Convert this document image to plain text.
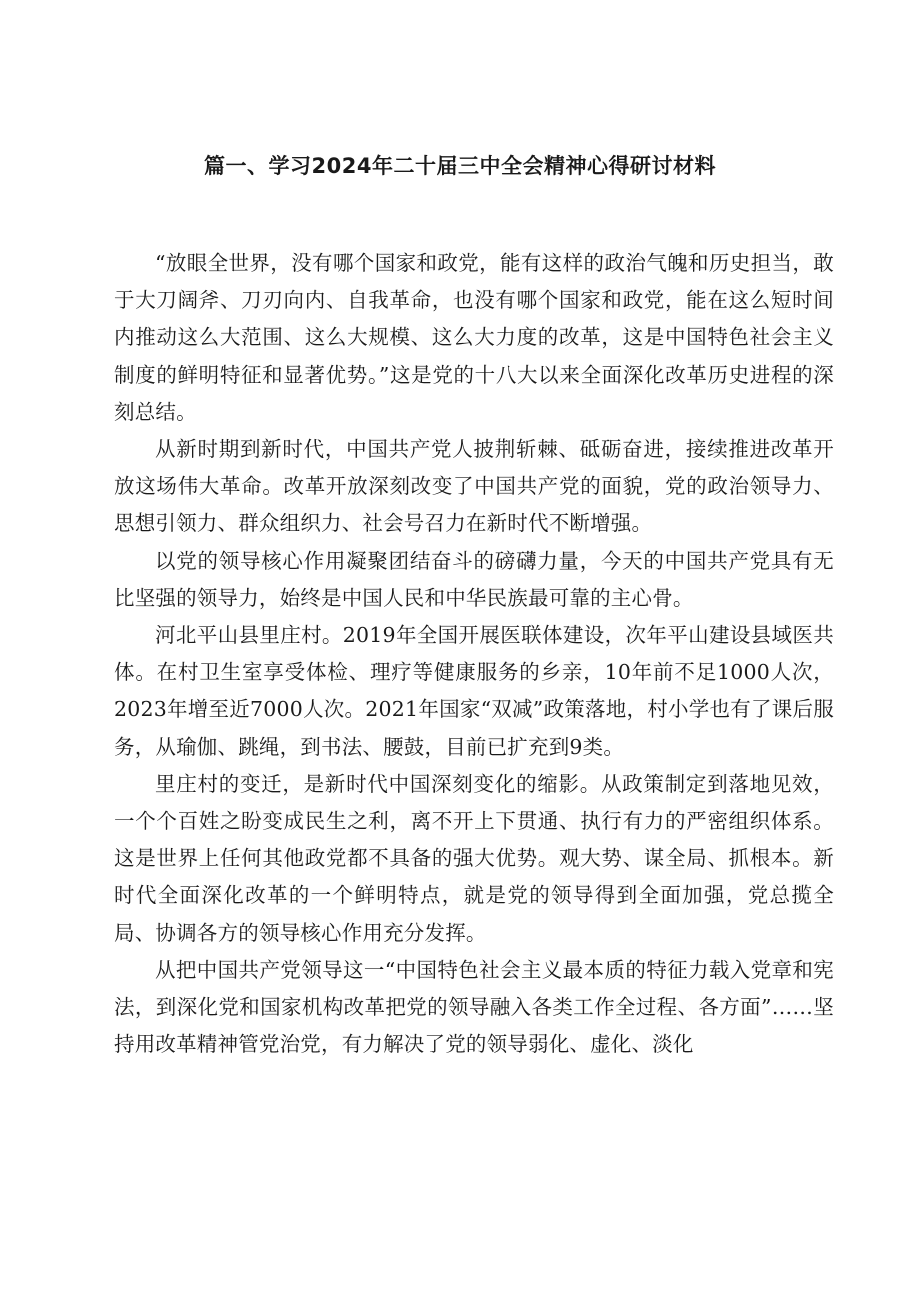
篇一、学习2024年二十届三中全会精神心得研讨材料

“放眼全世界，没有哪个国家和政党，能有这样的政治气魄和历史担当，敢于大刀阔斧、刀刃向内、自我革命，也没有哪个国家和政党，能在这么短时间内推动这么大范围、这么大规模、这么大力度的改革，这是中国特色社会主义制度的鲜明特征和显著优势。”这是党的十八大以来全面深化改革历史进程的深刻总结。

从新时期到新时代，中国共产党人披荆斩棘、砥砺奋进，接续推进改革开放这场伟大革命。改革开放深刻改变了中国共产党的面貌，党的政治领导力、思想引领力、群众组织力、社会号召力在新时代不断增强。

以党的领导核心作用凝聚团结奋斗的磅礴力量，今天的中国共产党具有无比坚强的领导力，始终是中国人民和中华民族最可靠的主心骨。

河北平山县里庄村。2019年全国开展医联体建设，次年平山建设县域医共体。在村卫生室享受体检、理疗等健康服务的乡亲，10年前不足1000人次，2023年增至近7000人次。2021年国家“双减”政策落地，村小学也有了课后服务，从瑜伽、跳绳，到书法、腰鼓，目前已扩充到9类。

里庄村的变迁，是新时代中国深刻变化的缩影。从政策制定到落地见效，一个个百姓之盼变成民生之利，离不开上下贯通、执行有力的严密组织体系。这是世界上任何其他政党都不具备的强大优势。观大势、谋全局、抓根本。新时代全面深化改革的一个鲜明特点，就是党的领导得到全面加强，党总揽全局、协调各方的领导核心作用充分发挥。

从把中国共产党领导这一“中国特色社会主义最本质的特征力载入党章和宪法，到深化党和国家机构改革把党的领导融入各类工作全过程、各方面”……坚持用改革精神管党治党，有力解决了党的领导弱化、虚化、淡化
